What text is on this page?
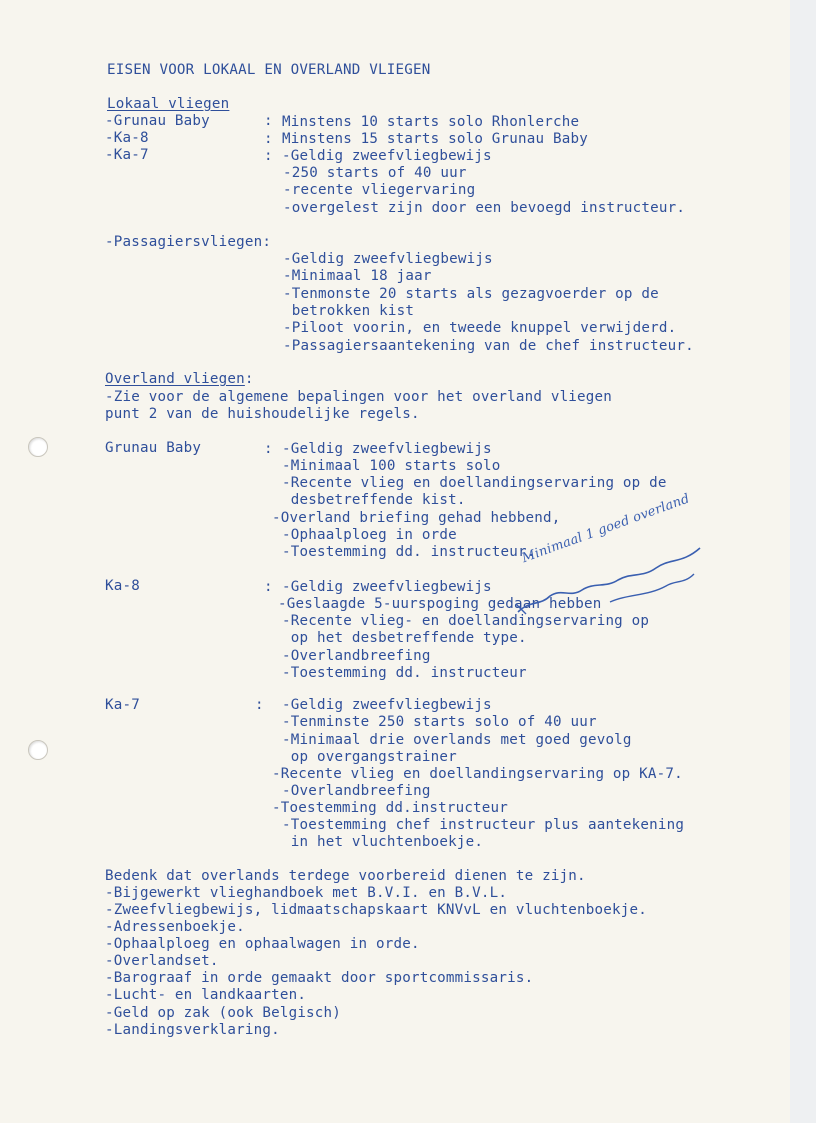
EISEN VOOR LOKAAL EN OVERLAND VLIEGEN
Lokaal vliegen
-Grunau Baby	: Minstens 10 starts solo Rhonlerche
-Ka-8	: Minstens 15 starts solo Grunau Baby
-Ka-7	: -Geldig zweefvliegbewijs
-250 starts of 40 uur
-recente vliegervaring
-overgelest zijn door een bevoegd instructeur.
-Passagiersvliegen:
-Geldig zweefvliegbewijs
-Minimaal 18 jaar
-Tenmonste 20 starts als gezagvoerder op de
betrokken kist
-Piloot voorin, en tweede knuppel verwijderd.
-Passagiersaantekening van de chef instructeur.
Overland vliegen:
-Zie voor de algemene bepalingen voor het overland vliegen
punt 2 van de huishoudelijke regels.
Grunau Baby	: -Geldig zweefvliegbewijs
-Minimaal 100 starts solo
-Recente vlieg en doellandingservaring op de
desbetreffende kist.
-Overland briefing gehad hebbend,
-Ophaalploeg in orde
-Toestemming dd. instructeur.
Ka-8	: -Geldig zweefvliegbewijs
-Geslaagde 5-uurspoging gedaan hebben
-Recente vlieg- en doellandingservaring op
op het desbetreffende type.
-Overlandbreefing
-Toestemming dd. instructeur
Minimaal 1 goed overland
Ka-7	: -Geldig zweefvliegbewijs
-Tenminste 250 starts solo of 40 uur
-Minimaal drie overlands met goed gevolg
op overgangstrainer
-Recente vlieg en doellandingservaring op KA-7.
-Overlandbreefing
-Toestemming dd.instructeur
-Toestemming chef instructeur plus aantekening
in het vluchtenboekje.
Bedenk dat overlands terdege voorbereid dienen te zijn.
-Bijgewerkt vlieghandboek met B.V.I. en B.V.L.
-Zweefvliegbewijs, lidmaatschapskaart KNVvL en vluchtenboekje.
-Adressenboekje.
-Ophaalploeg en ophaalwagen in orde.
-Overlandset.
-Barograaf in orde gemaakt door sportcommissaris.
-Lucht- en landkaarten.
-Geld op zak (ook Belgisch)
-Landingsverklaring.
